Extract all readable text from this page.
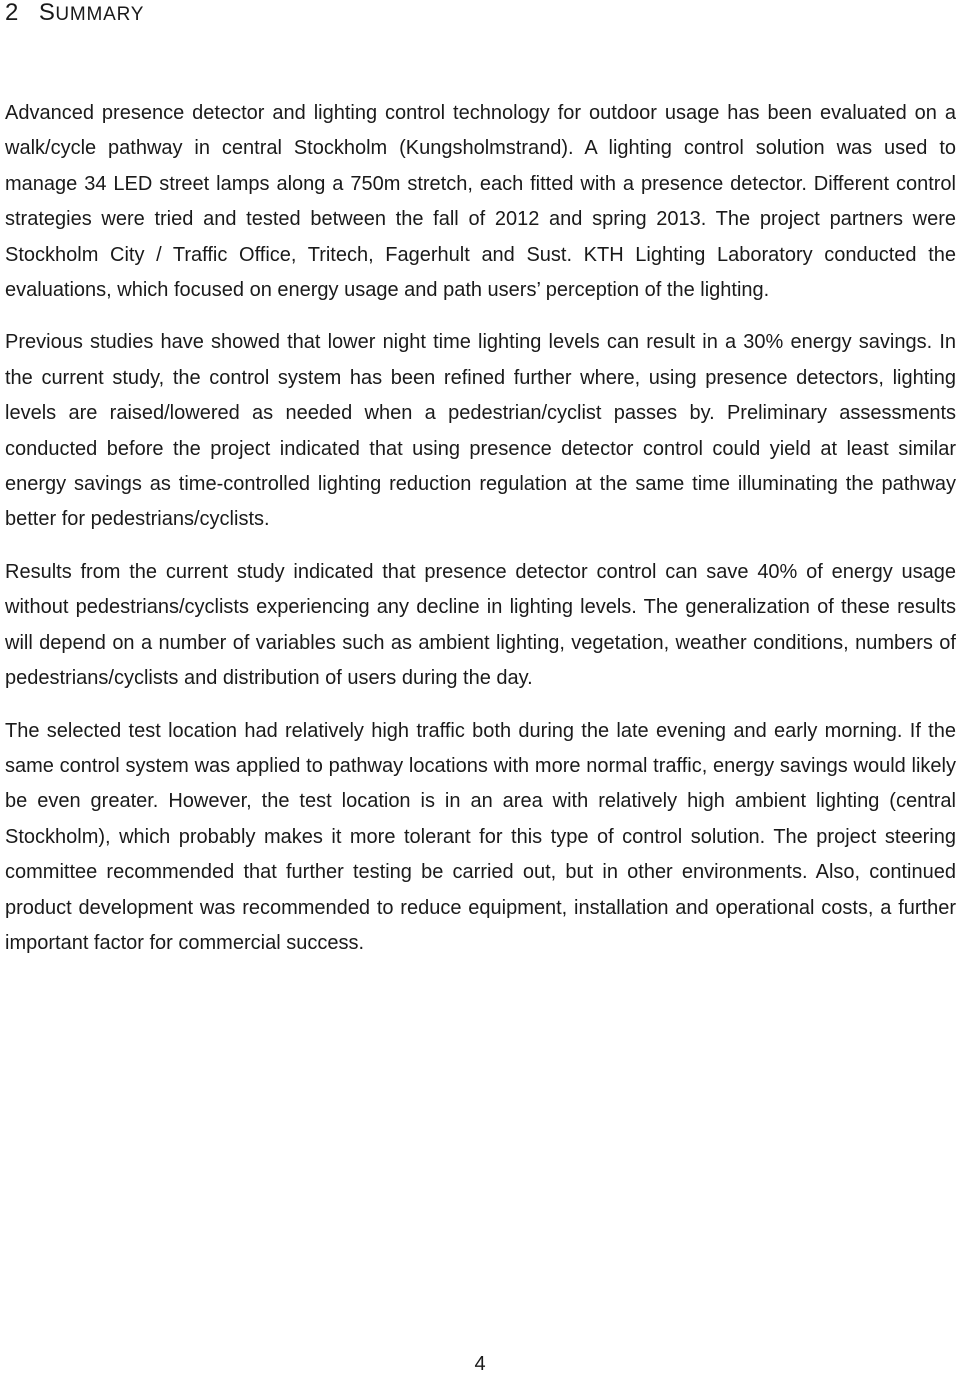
2 SUMMARY

Advanced presence detector and lighting control technology for outdoor usage has been evaluated on a walk/cycle pathway in central Stockholm (Kungsholmstrand). A lighting control solution was used to manage 34 LED street lamps along a 750m stretch, each fitted with a presence detector. Different control strategies were tried and tested between the fall of 2012 and spring 2013. The project partners were Stockholm City / Traffic Office, Tritech, Fagerhult and Sust. KTH Lighting Laboratory conducted the evaluations, which focused on energy usage and path users’ perception of the lighting.

Previous studies have showed that lower night time lighting levels can result in a 30% energy savings. In the current study, the control system has been refined further where, using presence detectors, lighting levels are raised/lowered as needed when a pedestrian/cyclist passes by. Preliminary assessments conducted before the project indicated that using presence detector control could yield at least similar energy savings as time-controlled lighting reduction regulation at the same time illuminating the pathway better for pedestrians/cyclists.

Results from the current study indicated that presence detector control can save 40% of energy usage without pedestrians/cyclists experiencing any decline in lighting levels. The generalization of these results will depend on a number of variables such as ambient lighting, vegetation, weather conditions, numbers of pedestrians/cyclists and distribution of users during the day.

The selected test location had relatively high traffic both during the late evening and early morning. If the same control system was applied to pathway locations with more normal traffic, energy savings would likely be even greater. However, the test location is in an area with relatively high ambient lighting (central Stockholm), which probably makes it more tolerant for this type of control solution. The project steering committee recommended that further testing be carried out, but in other environments. Also, continued product development was recommended to reduce equipment, installation and operational costs, a further important factor for commercial success.

4
